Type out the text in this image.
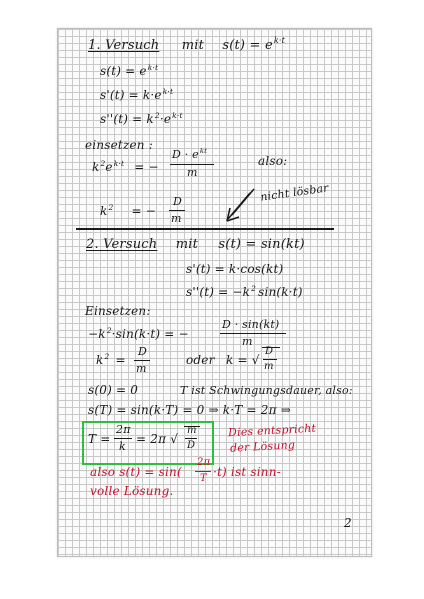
1. Versuch mit $s(t) = e^{k\cdot t}$
$s(t) = e^{k\cdot t}$
$s'(t) = k\cdot e^{k\cdot t}$
$s''(t) = k^2\cdot e^{k\cdot t}$
einsetzen :
$k^2e^{k\cdot t}$ = −
$D \cdot e^{kt}$
m
also:
$k^2$ = −
D
m
nicht lösbar
2. Versuch mit s(t) = sin(kt)
s'(t) = k·cos(kt)
$s''(t) = -k^2$ sin(k·t)
Einsetzen:
$-k^2\cdot\sin(k\cdot t)$ = −
D · sin(kt)
m
$k^2$ =
D
m
oder k = √
D
m
s(0) = 0	T ist Schwingungsdauer, also:
s(T) = sin(k·T) = 0 ⇒ k·T = 2π ⇒
T =
2π
k
= 2π √
m
D
Dies entspricht
der Lösung
also s(t) = sin(
2π
T ·t) ist sinn-
volle Lösung.
2
